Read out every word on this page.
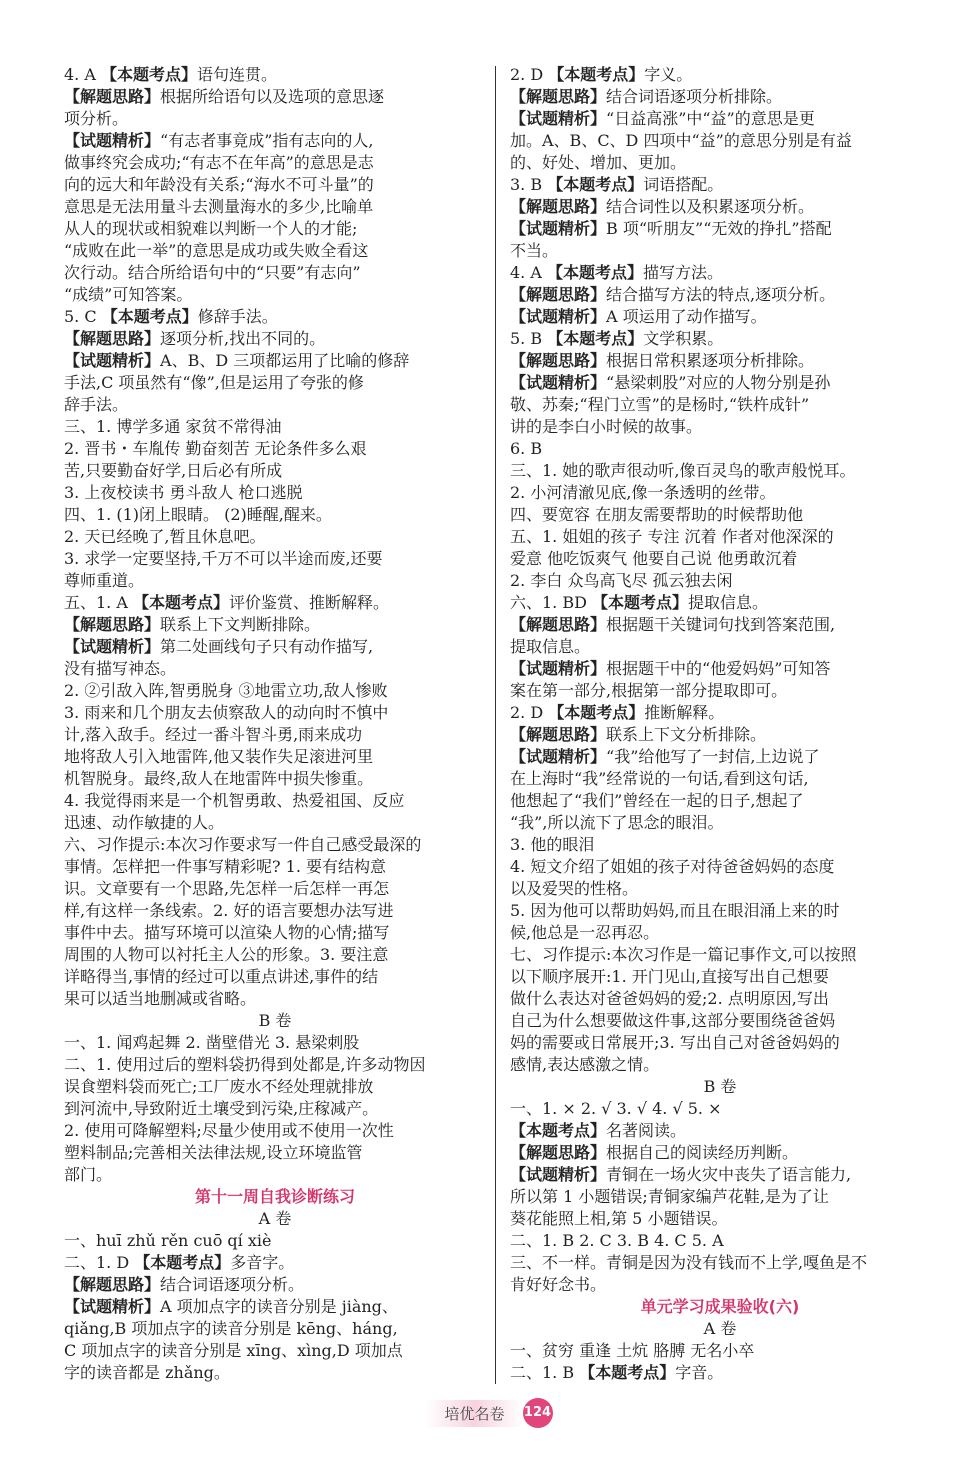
4. A 【本题考点】语句连贯。
【解题思路】根据所给语句以及选项的意思逐
项分析。
【试题精析】“有志者事竟成”指有志向的人,
做事终究会成功;“有志不在年高”的意思是志
向的远大和年龄没有关系;“海水不可斗量”的
意思是无法用量斗去测量海水的多少,比喻单
从人的现状或相貌难以判断一个人的才能;
“成败在此一举”的意思是成功或失败全看这
次行动。结合所给语句中的“只要”有志向”
“成绩”可知答案。
5. C 【本题考点】修辞手法。
【解题思路】逐项分析,找出不同的。
【试题精析】A、B、D 三项都运用了比喻的修辞
手法,C 项虽然有“像”,但是运用了夸张的修
辞手法。
三、1. 博学多通 家贫不常得油
2. 晋书・车胤传 勤奋刻苦 无论条件多么艰
苦,只要勤奋好学,日后必有所成
3. 上夜校读书 勇斗敌人 枪口逃脱
四、1. (1)闭上眼睛。 (2)睡醒,醒来。
2. 天已经晚了,暂且休息吧。
3. 求学一定要坚持,千万不可以半途而废,还要
尊师重道。
五、1. A 【本题考点】评价鉴赏、推断解释。
【解题思路】联系上下文判断排除。
【试题精析】第二处画线句子只有动作描写,
没有描写神态。
2. ②引敌入阵,智勇脱身 ③地雷立功,敌人惨败
3. 雨来和几个朋友去侦察敌人的动向时不慎中
计,落入敌手。经过一番斗智斗勇,雨来成功
地将敌人引入地雷阵,他又装作失足滚进河里
机智脱身。最终,敌人在地雷阵中损失惨重。
4. 我觉得雨来是一个机智勇敢、热爱祖国、反应
迅速、动作敏捷的人。
六、习作提示:本次习作要求写一件自己感受最深的
事情。怎样把一件事写精彩呢? 1. 要有结构意
识。文章要有一个思路,先怎样一后怎样一再怎
样,有这样一条线索。2. 好的语言要想办法写进
事件中去。描写环境可以渲染人物的心情;描写
周围的人物可以衬托主人公的形象。3. 要注意
详略得当,事情的经过可以重点讲述,事件的结
果可以适当地删减或省略。
B 卷
一、1. 闻鸡起舞 2. 凿壁借光 3. 悬梁刺股
二、1. 使用过后的塑料袋扔得到处都是,许多动物因
误食塑料袋而死亡;工厂废水不经处理就排放
到河流中,导致附近土壤受到污染,庄稼减产。
2. 使用可降解塑料;尽量少使用或不使用一次性
塑料制品;完善相关法律法规,设立环境监管
部门。
第十一周自我诊断练习
A 卷
一、huī zhǔ rěn cuō qí xiè
二、1. D 【本题考点】多音字。
【解题思路】结合词语逐项分析。
【试题精析】A 项加点字的读音分别是 jiàng、
qiǎng,B 项加点字的读音分别是 kēng、háng,
C 项加点字的读音分别是 xīng、xìng,D 项加点
字的读音都是 zhǎng。
2. D 【本题考点】字义。
【解题思路】结合词语逐项分析排除。
【试题精析】“日益高涨”中“益”的意思是更
加。A、B、C、D 四项中“益”的意思分别是有益
的、好处、增加、更加。
3. B 【本题考点】词语搭配。
【解题思路】结合词性以及积累逐项分析。
【试题精析】B 项“听朋友”“无效的挣扎”搭配
不当。
4. A 【本题考点】描写方法。
【解题思路】结合描写方法的特点,逐项分析。
【试题精析】A 项运用了动作描写。
5. B 【本题考点】文学积累。
【解题思路】根据日常积累逐项分析排除。
【试题精析】“悬梁刺股”对应的人物分别是孙
敬、苏秦;“程门立雪”的是杨时,“铁杵成针”
讲的是李白小时候的故事。
6. B
三、1. 她的歌声很动听,像百灵鸟的歌声般悦耳。
2. 小河清澈见底,像一条透明的丝带。
四、要宽容 在朋友需要帮助的时候帮助他
五、1. 姐姐的孩子 专注 沉着 作者对他深深的
爱意 他吃饭爽气 他要自己说 他勇敢沉着
2. 李白 众鸟高飞尽 孤云独去闲
六、1. BD 【本题考点】提取信息。
【解题思路】根据题干关键词句找到答案范围,
提取信息。
【试题精析】根据题干中的“他爱妈妈”可知答
案在第一部分,根据第一部分提取即可。
2. D 【本题考点】推断解释。
【解题思路】联系上下文分析排除。
【试题精析】“我”给他写了一封信,上边说了
在上海时“我”经常说的一句话,看到这句话,
他想起了“我们”曾经在一起的日子,想起了
“我”,所以流下了思念的眼泪。
3. 他的眼泪
4. 短文介绍了姐姐的孩子对待爸爸妈妈的态度
以及爱哭的性格。
5. 因为他可以帮助妈妈,而且在眼泪涌上来的时
候,他总是一忍再忍。
七、习作提示:本次习作是一篇记事作文,可以按照
以下顺序展开:1. 开门见山,直接写出自己想要
做什么表达对爸爸妈妈的爱;2. 点明原因,写出
自己为什么想要做这件事,这部分要围绕爸爸妈
妈的需要或日常展开;3. 写出自己对爸爸妈妈的
感情,表达感激之情。
B 卷
一、1. × 2. √ 3. √ 4. √ 5. ×
【本题考点】名著阅读。
【解题思路】根据自己的阅读经历判断。
【试题精析】青铜在一场火灾中丧失了语言能力,
所以第 1 小题错误;青铜家编芦花鞋,是为了让
葵花能照上相,第 5 小题错误。
二、1. B 2. C 3. B 4. C 5. A
三、不一样。青铜是因为没有钱而不上学,嘎鱼是不
肯好好念书。
单元学习成果验收(六)
A 卷
一、贫穷 重逢 土炕 胳膊 无名小卒
二、1. B 【本题考点】字音。
培优名卷 124
